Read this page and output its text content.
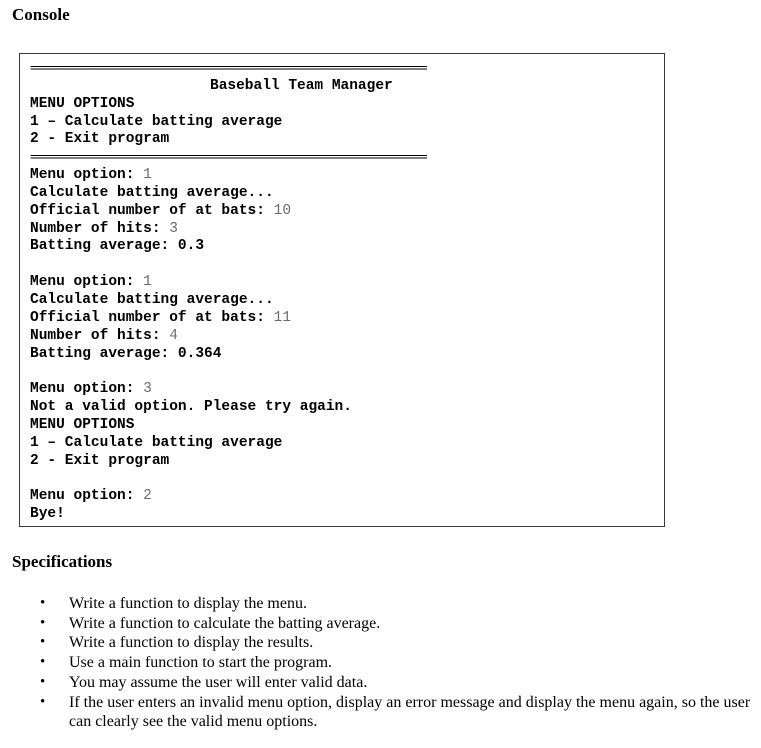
Console
================================================================
Baseball Team Manager
MENU OPTIONS
1 – Calculate batting average
2 - Exit program
================================================================
Menu option: 1
Calculate batting average...
Official number of at bats: 10
Number of hits: 3
Batting average: 0.3

Menu option: 1
Calculate batting average...
Official number of at bats: 11
Number of hits: 4
Batting average: 0.364

Menu option: 3
Not a valid option. Please try again.
MENU OPTIONS
1 – Calculate batting average
2 - Exit program

Menu option: 2
Bye!
Specifications
• Write a function to display the menu.
• Write a function to calculate the batting average.
• Write a function to display the results.
• Use a main function to start the program.
• You may assume the user will enter valid data.
• If the user enters an invalid menu option, display an error message and display the menu again, so the user can clearly see the valid menu options.
